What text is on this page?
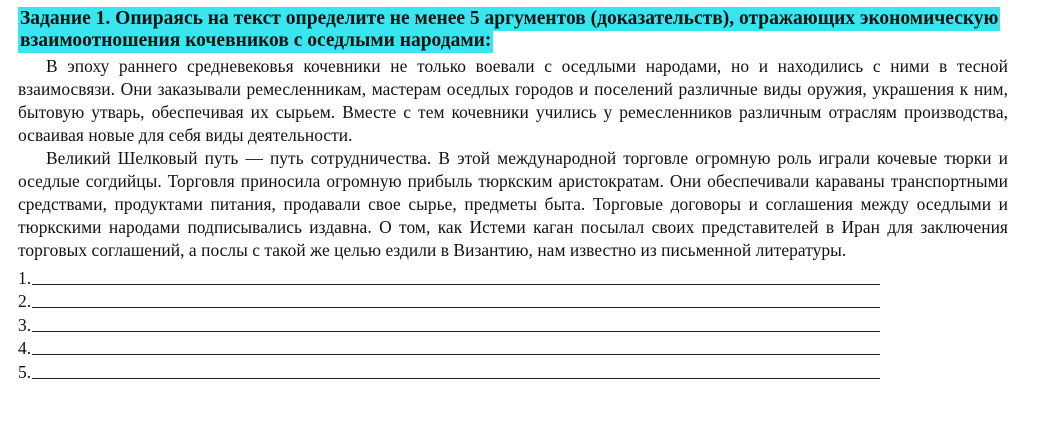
Задание 1. Опираясь на текст определите не менее 5 аргументов (доказательств), отражающих экономическую взаимоотношения кочевников с оседлыми народами:

В эпоху раннего средневековья кочевники не только воевали с оседлыми народами, но и находились с ними в тесной взаимосвязи. Они заказывали ремесленникам, мастерам оседлых городов и поселений различные виды оружия, украшения к ним, бытовую утварь, обеспечивая их сырьем. Вместе с тем кочевники учились у ремесленников различным отраслям производства, осваивая новые для себя виды деятельности.

Великий Шелковый путь — путь сотрудничества. В этой международной торговле огромную роль играли кочевые тюрки и оседлые согдийцы. Торговля приносила огромную прибыль тюркским аристократам. Они обеспечивали караваны транспортными средствами, продуктами питания, продавали свое сырье, предметы быта. Торговые договоры и соглашения между оседлыми и тюркскими народами подписывались издавна. О том, как Истеми каган посылал своих представителей в Иран для заключения торговых соглашений, а послы с такой же целью ездили в Византию, нам известно из письменной литературы.

1.
2.
3.
4.
5.
